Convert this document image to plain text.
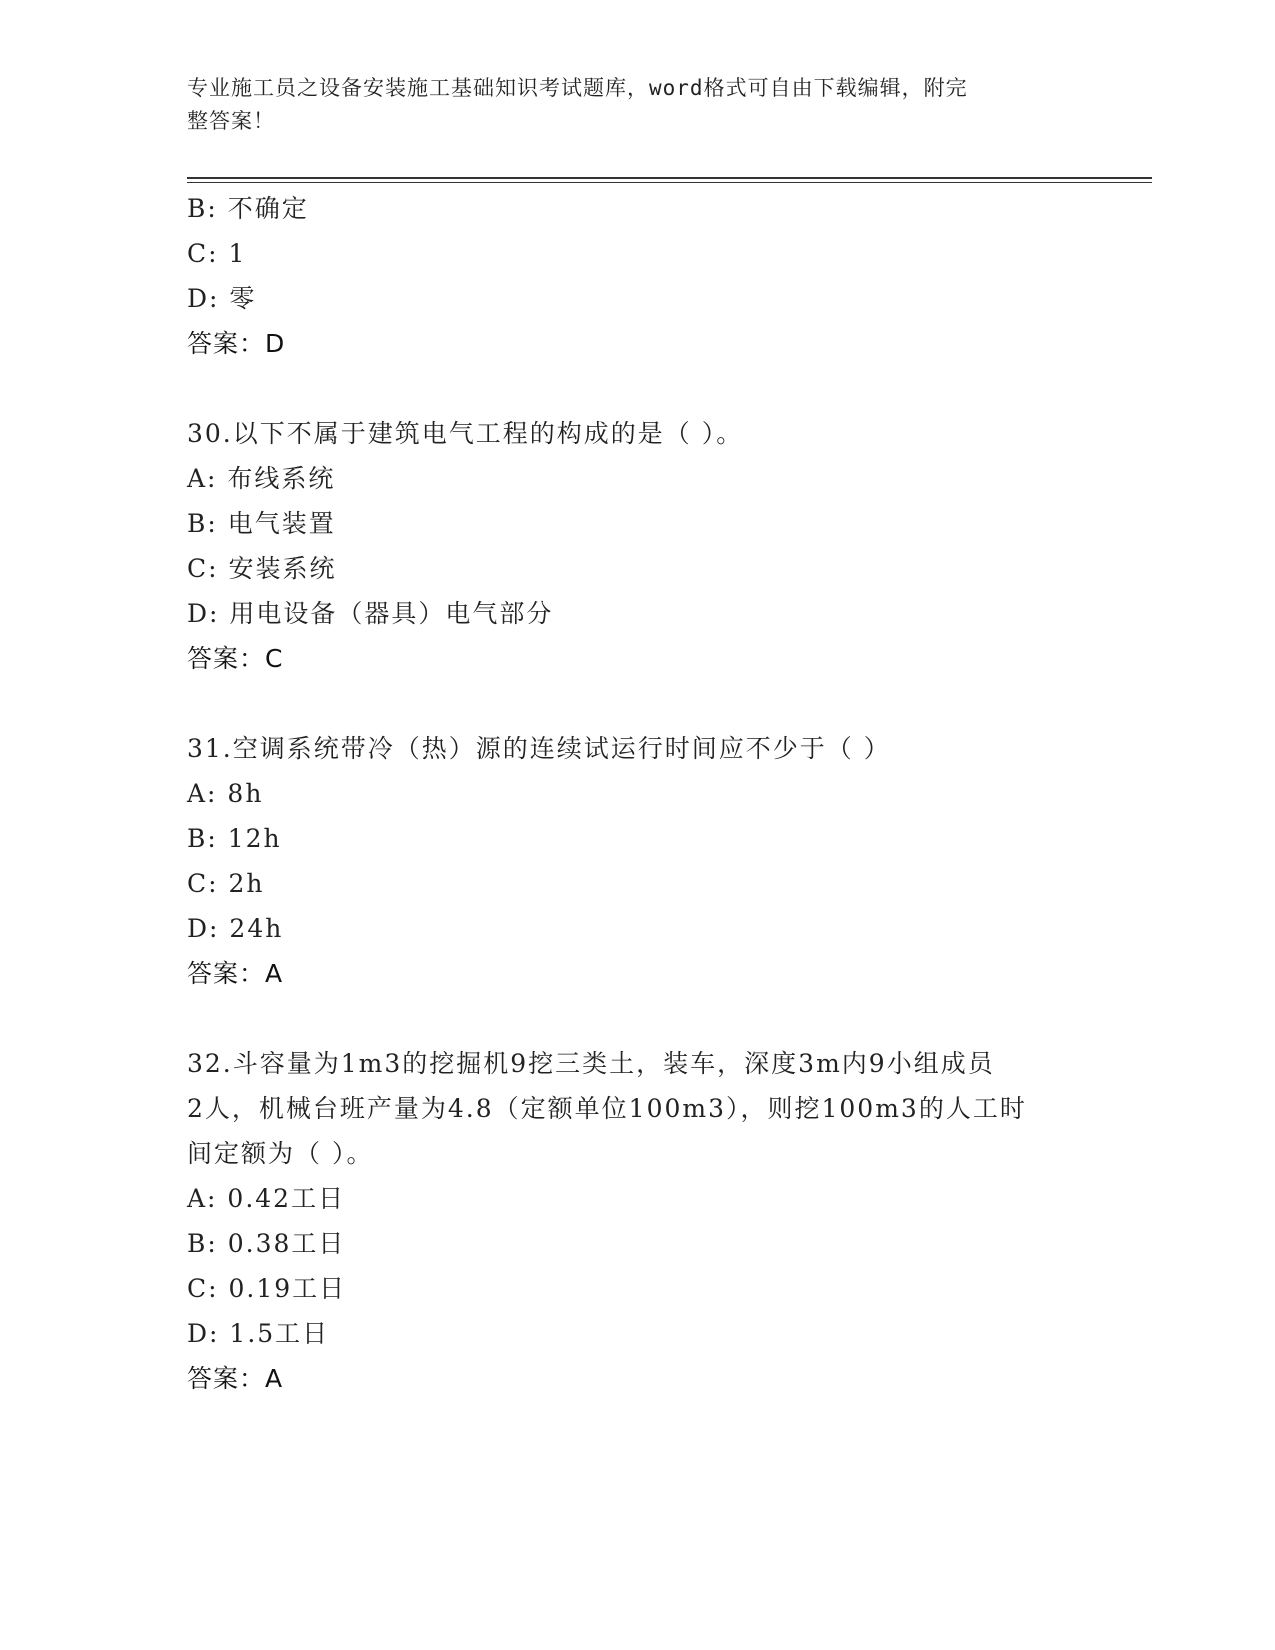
专业施工员之设备安装施工基础知识考试题库，word格式可自由下载编辑，附完
整答案！
B: 不确定
C: 1
D: 零
答案：D
30.以下不属于建筑电气工程的构成的是（ ）。
A: 布线系统
B: 电气装置
C: 安装系统
D: 用电设备（器具）电气部分
答案：C
31.空调系统带冷（热）源的连续试运行时间应不少于（ ）
A: 8h
B: 12h
C: 2h
D: 24h
答案：A
32.斗容量为1m3的挖掘机9挖三类土，装车，深度3m内9小组成员
2人，机械台班产量为4.8（定额单位100m3），则挖100m3的人工时
间定额为（ ）。
A: 0.42工日
B: 0.38工日
C: 0.19工日
D: 1.5工日
答案：A
